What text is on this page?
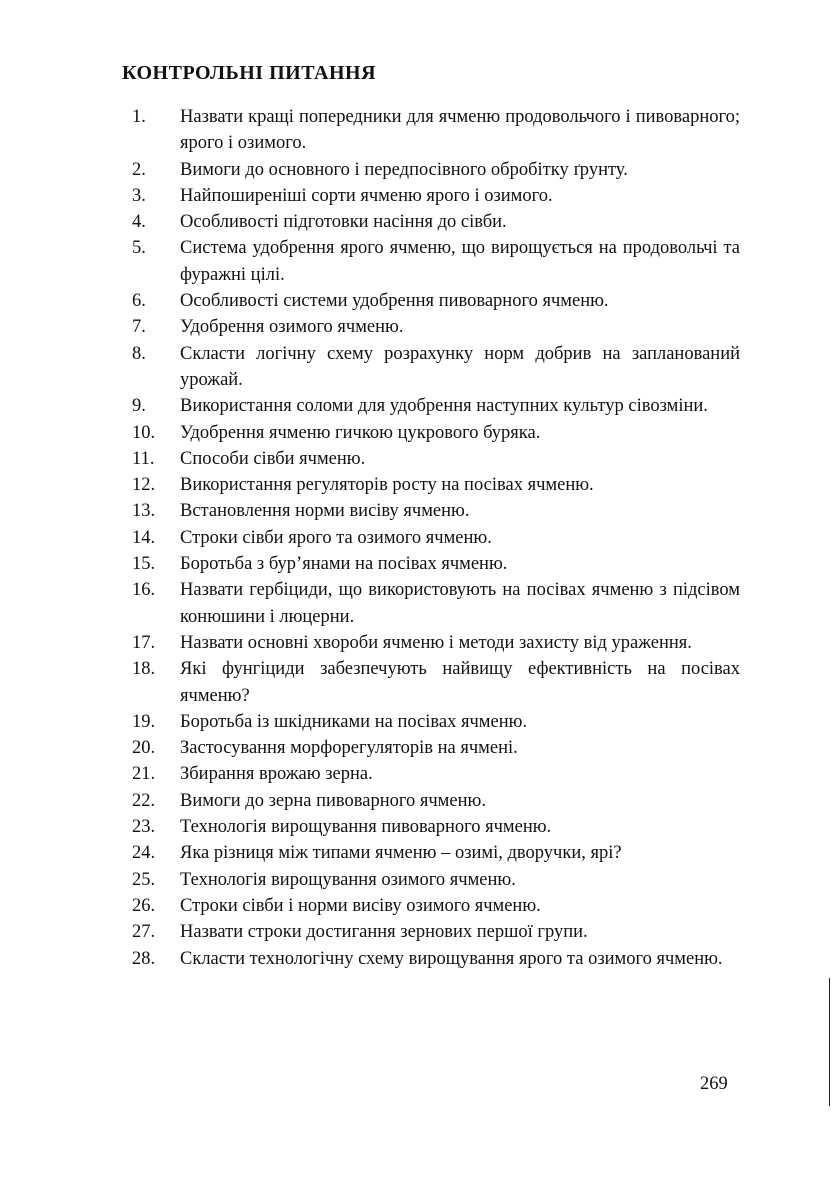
КОНТРОЛЬНІ ПИТАННЯ
1.	Назвати кращі попередники для ячменю продовольчого і пивоварного; ярого і озимого.
2.	Вимоги до основного і передпосівного обробітку ґрунту.
3.	Найпоширеніші сорти ячменю ярого і озимого.
4.	Особливості підготовки насіння до сівби.
5.	Система удобрення ярого ячменю, що вирощується на продовольчі та фуражні цілі.
6.	Особливості системи удобрення пивоварного ячменю.
7.	Удобрення озимого ячменю.
8.	Скласти логічну схему розрахунку норм добрив на запланований урожай.
9.	Використання соломи для удобрення наступних культур сівозміни.
10.	Удобрення ячменю гичкою цукрового буряка.
11.	Способи сівби ячменю.
12.	Використання регуляторів росту на посівах ячменю.
13.	Встановлення норми висіву ячменю.
14.	Строки сівби ярого та озимого ячменю.
15.	Боротьба з бур’янами на посівах ячменю.
16.	Назвати гербіциди, що використовують на посівах ячменю з підсівом конюшини і люцерни.
17.	Назвати основні хвороби ячменю і методи захисту від ураження.
18.	Які фунгіциди забезпечують найвищу ефективність на посівах ячменю?
19.	Боротьба із шкідниками на посівах ячменю.
20.	Застосування морфорегуляторів на ячмені.
21.	Збирання врожаю зерна.
22.	Вимоги до зерна пивоварного ячменю.
23.	Технологія вирощування пивоварного ячменю.
24.	Яка різниця між типами ячменю – озимі, дворучки, ярі?
25.	Технологія вирощування озимого ячменю.
26.	Строки сівби і норми висіву озимого ячменю.
27.	Назвати строки достигання зернових першої групи.
28.	Скласти технологічну схему вирощування ярого та озимого ячменю.
269
